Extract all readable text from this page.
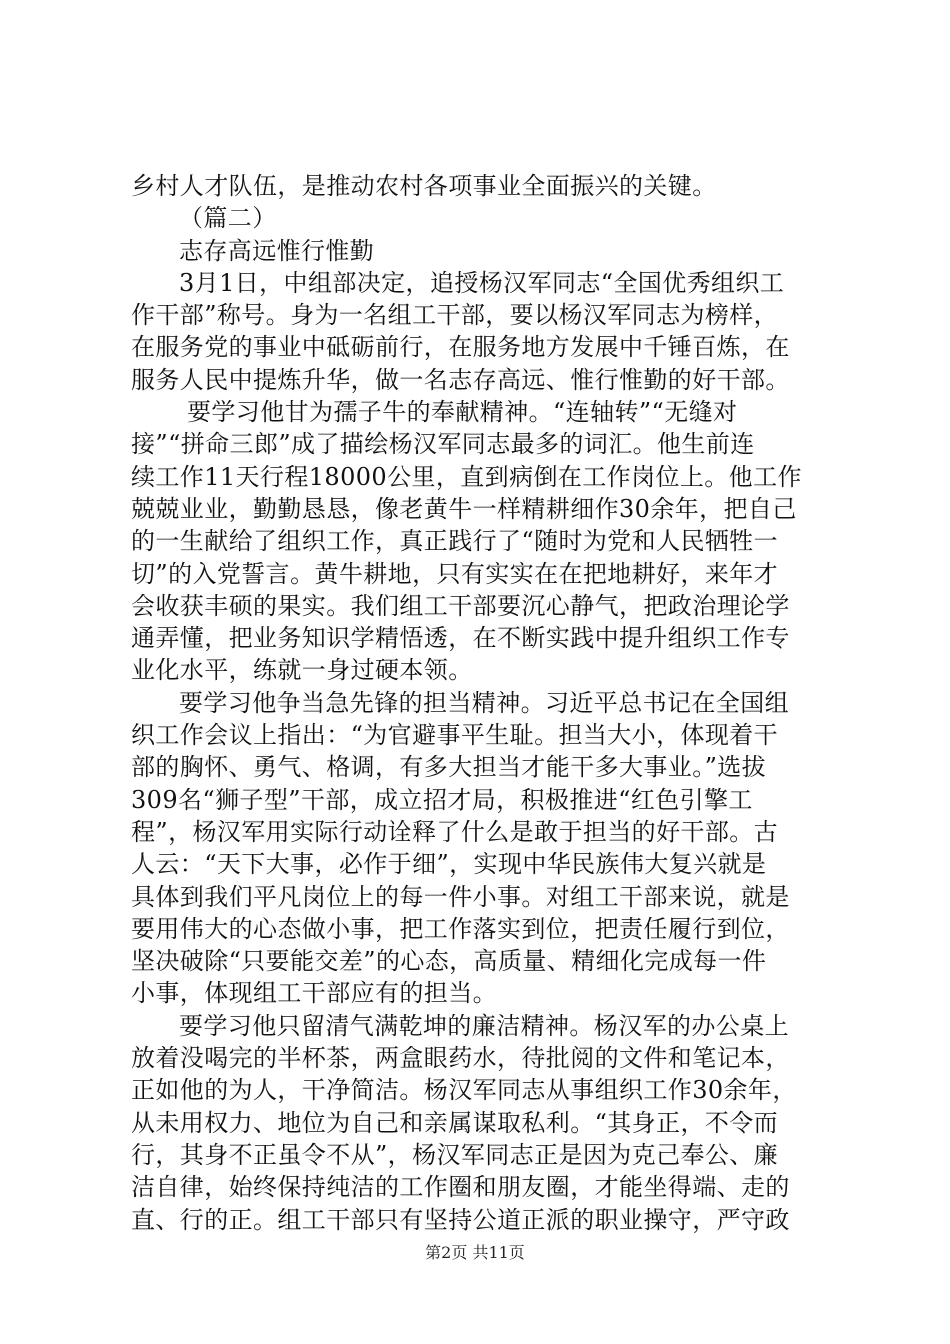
乡村人才队伍，是推动农村各项事业全面振兴的关键。
（篇二）
志存高远惟行惟勤
3月1日，中组部决定，追授杨汉军同志“全国优秀组织工
作干部”称号。身为一名组工干部，要以杨汉军同志为榜样，
在服务党的事业中砥砺前行，在服务地方发展中千锤百炼，在
服务人民中提炼升华，做一名志存高远、惟行惟勤的好干部。
要学习他甘为孺子牛的奉献精神。“连轴转”“无缝对
接”“拼命三郎”成了描绘杨汉军同志最多的词汇。他生前连
续工作11天行程18000公里，直到病倒在工作岗位上。他工作
兢兢业业，勤勤恳恳，像老黄牛一样精耕细作30余年，把自己
的一生献给了组织工作，真正践行了“随时为党和人民牺牲一
切”的入党誓言。黄牛耕地，只有实实在在把地耕好，来年才
会收获丰硕的果实。我们组工干部要沉心静气，把政治理论学
通弄懂，把业务知识学精悟透，在不断实践中提升组织工作专
业化水平，练就一身过硬本领。
要学习他争当急先锋的担当精神。习近平总书记在全国组
织工作会议上指出：“为官避事平生耻。担当大小，体现着干
部的胸怀、勇气、格调，有多大担当才能干多大事业。”选拔
309名“狮子型”干部，成立招才局，积极推进“红色引擎工
程”，杨汉军用实际行动诠释了什么是敢于担当的好干部。古
人云：“天下大事，必作于细”，实现中华民族伟大复兴就是
具体到我们平凡岗位上的每一件小事。对组工干部来说，就是
要用伟大的心态做小事，把工作落实到位，把责任履行到位，
坚决破除“只要能交差”的心态，高质量、精细化完成每一件
小事，体现组工干部应有的担当。
要学习他只留清气满乾坤的廉洁精神。杨汉军的办公桌上
放着没喝完的半杯茶，两盒眼药水，待批阅的文件和笔记本，
正如他的为人，干净简洁。杨汉军同志从事组织工作30余年，
从未用权力、地位为自己和亲属谋取私利。“其身正，不令而
行，其身不正虽令不从”，杨汉军同志正是因为克己奉公、廉
洁自律，始终保持纯洁的工作圈和朋友圈，才能坐得端、走的
直、行的正。组工干部只有坚持公道正派的职业操守，严守政
第2页 共11页
